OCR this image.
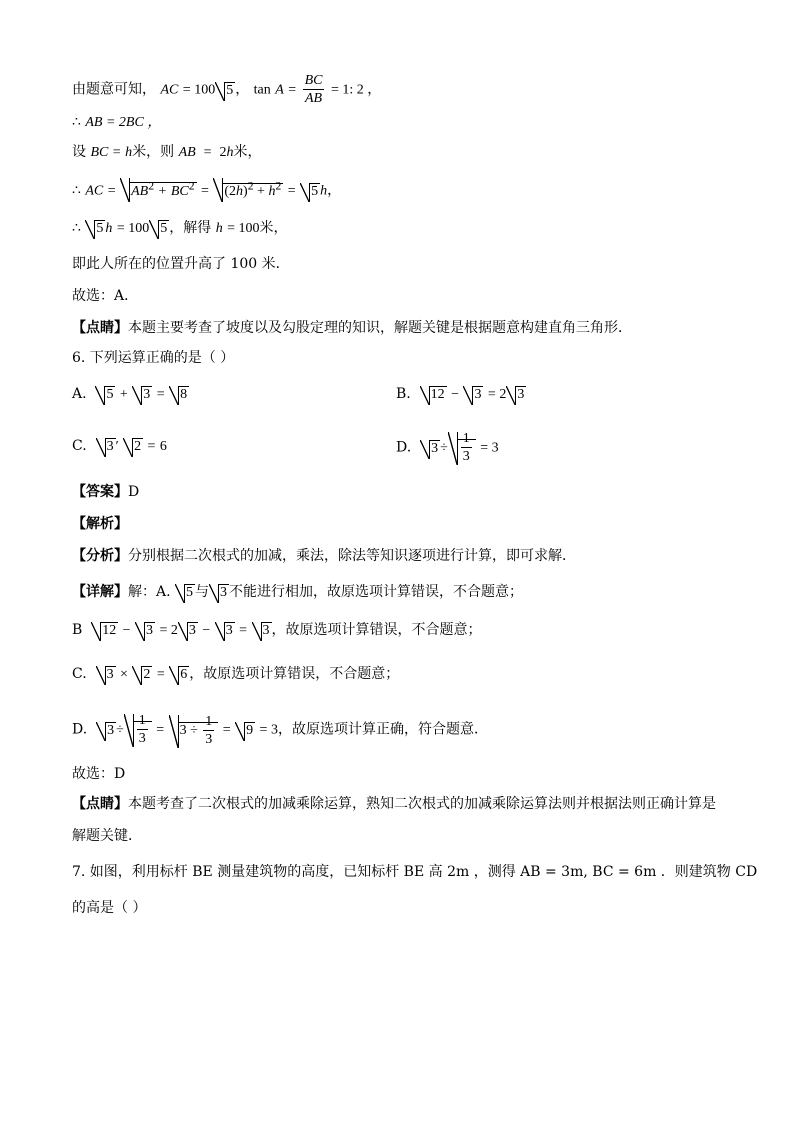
由题意可知， AC = 100 5 ， $\tan A = \frac{BC}{AB} = 1$: 2 ，
∴ AB = 2BC ，
设 BC = h米，则 AB  =  2h米，
∴ AC = $AB^2 + BC^2 = (2h)^2 + h^2 = 5$ h，
∴ 5 h = 100 5 ，解得 h = 100米，
即此人所在的位置升高了 100 米．
故选：A．
【点睛】本题主要考查了坡度以及勾股定理的知识，解题关键是根据题意构建直角三角形．
6. 下列运算正确的是（ ）
A. 5 + 3 = 8	B. 12 − 3 = 2 3
C. 3 ′ 2 = 6	D. $3 \div \frac{1}{3} = 3$
【答案】D
【解析】
【分析】分别根据二次根式的加减，乘法，除法等知识逐项进行计算，即可求解．
【详解】解：A. 5 与 3 不能进行相加，故原选项计算错误，不合题意；
B 12 − 3 = 2 3 − 3 = 3 ，故原选项计算错误，不合题意；
C. 3 × 2 = 6 ，故原选项计算错误，不合题意；
D. $3 \div \frac{1}{3} = 3 \div \frac{1}{3} = 9 = 3$，故原选项计算正确，符合题意．
故选：D
【点睛】本题考查了二次根式的加减乘除运算，熟知二次根式的加减乘除运算法则并根据法则正确计算是
解题关键．
7. 如图，利用标杆 BE 测量建筑物的高度，已知标杆 BE 高 2m ，测得 AB = 3m, BC = 6m ．则建筑物 CD
的高是（ ）
